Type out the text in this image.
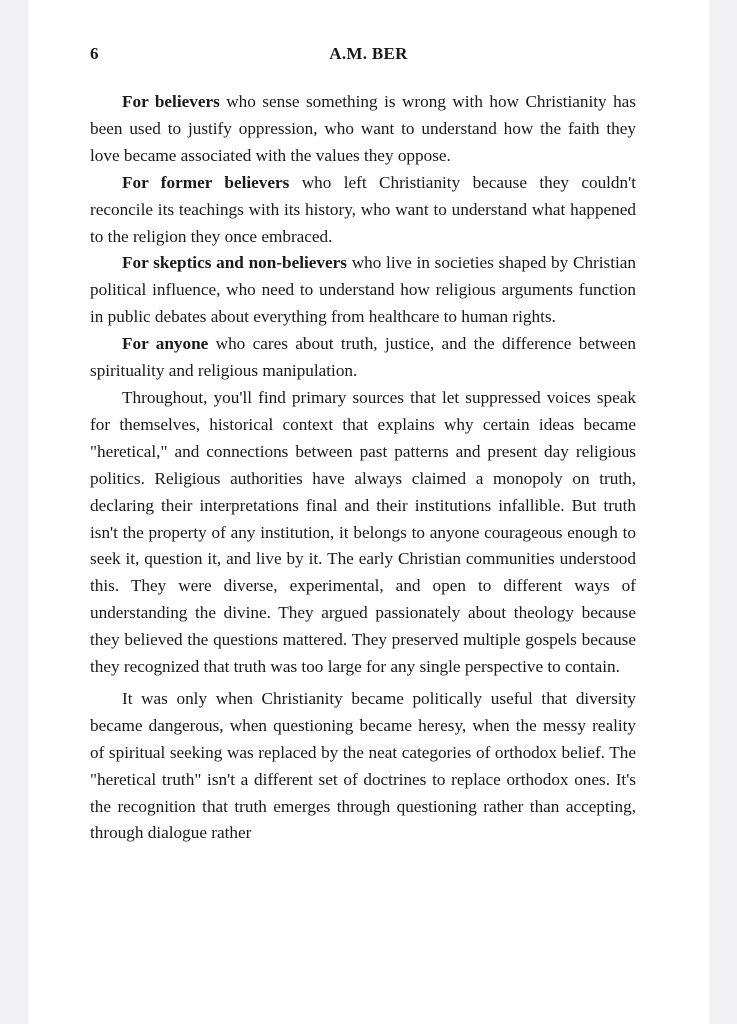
6	A.M. BER

For believers who sense something is wrong with how Christianity has been used to justify oppression, who want to understand how the faith they love became associated with the values they oppose.

For former believers who left Christianity because they couldn't reconcile its teachings with its history, who want to understand what happened to the religion they once embraced.

For skeptics and non-believers who live in societies shaped by Christian political influence, who need to understand how religious arguments function in public debates about everything from healthcare to human rights.

For anyone who cares about truth, justice, and the difference between spirituality and religious manipulation.

Throughout, you'll find primary sources that let suppressed voices speak for themselves, historical context that explains why certain ideas became "heretical," and connections between past patterns and present day religious politics. Religious authorities have always claimed a monopoly on truth, declaring their interpretations final and their institutions infallible. But truth isn't the property of any institution, it belongs to anyone courageous enough to seek it, question it, and live by it. The early Christian communities understood this. They were diverse, experimental, and open to different ways of understanding the divine. They argued passionately about theology because they believed the questions mattered. They preserved multiple gospels because they recognized that truth was too large for any single perspective to contain.

It was only when Christianity became politically useful that diversity became dangerous, when questioning became heresy, when the messy reality of spiritual seeking was replaced by the neat categories of orthodox belief. The "heretical truth" isn't a different set of doctrines to replace orthodox ones. It's the recognition that truth emerges through questioning rather than accepting, through dialogue rather
